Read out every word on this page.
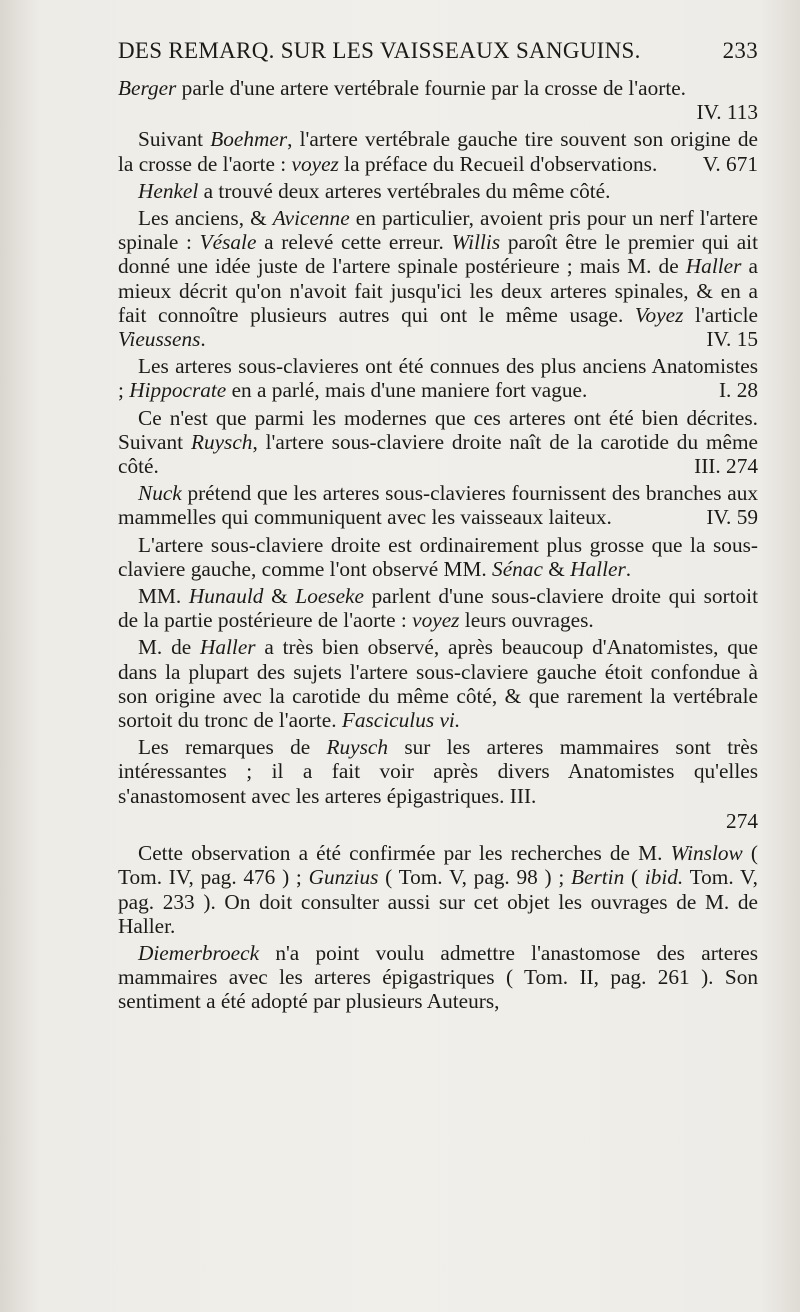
DES REMARQ. SUR LES VAISSEAUX SANGUINS.	233

Berger parle d'une artere vertébrale fournie par la crosse de l'aorte.
IV. 113

Suivant Boehmer, l'artere vertébrale gauche tire souvent son origine de la crosse de l'aorte : voyez la préface du Recueil d'observations.	V. 671

Henkel a trouvé deux arteres vertébrales du même côté.

Les anciens, & Avicenne en particulier, avoient pris pour un nerf l'artere spinale : Vésale a relevé cette erreur. Willis paroît être le premier qui ait donné une idée juste de l'artere spinale postérieure ; mais M. de Haller a mieux décrit qu'on n'avoit fait jusqu'ici les deux arteres spinales, & en a fait connoître plusieurs autres qui ont le même usage. Voyez l'article Vieussens.	IV. 15

Les arteres sous-clavieres ont été connues des plus anciens Anatomistes ; Hippocrate en a parlé, mais d'une maniere fort vague.	I. 28

Ce n'est que parmi les modernes que ces arteres ont été bien décrites. Suivant Ruysch, l'artere sous-claviere droite naît de la carotide du même côté.	III. 274

Nuck prétend que les arteres sous-clavieres fournissent des branches aux mammelles qui communiquent avec les vaisseaux laiteux.	IV. 59

L'artere sous-claviere droite est ordinairement plus grosse que la sous-claviere gauche, comme l'ont observé MM. Sénac & Haller.

MM. Hunauld & Loeseke parlent d'une sous-claviere droite qui sortoit de la partie postérieure de l'aorte : voyez leurs ouvrages.

M. de Haller a très bien observé, après beaucoup d'Anatomistes, que dans la plupart des sujets l'artere sous-claviere gauche étoit confondue à son origine avec la carotide du même côté, & que rarement la vertébrale sortoit du tronc de l'aorte. Fasciculus vi.

Les remarques de Ruysch sur les arteres mammaires sont très intéressantes ; il a fait voir après divers Anatomistes qu'elles s'anastomosent avec les arteres épigastriques. III.

274

Cette observation a été confirmée par les recherches de M. Winslow ( Tom. IV, pag. 476 ) ; Gunzius ( Tom. V, pag. 98 ) ; Bertin ( ibid. Tom. V, pag. 233 ). On doit consulter aussi sur cet objet les ouvrages de M. de Haller.

Diemerbroeck n'a point voulu admettre l'anastomose des arteres mammaires avec les arteres épigastriques ( Tom. II, pag. 261 ). Son sentiment a été adopté par plusieurs Auteurs,
